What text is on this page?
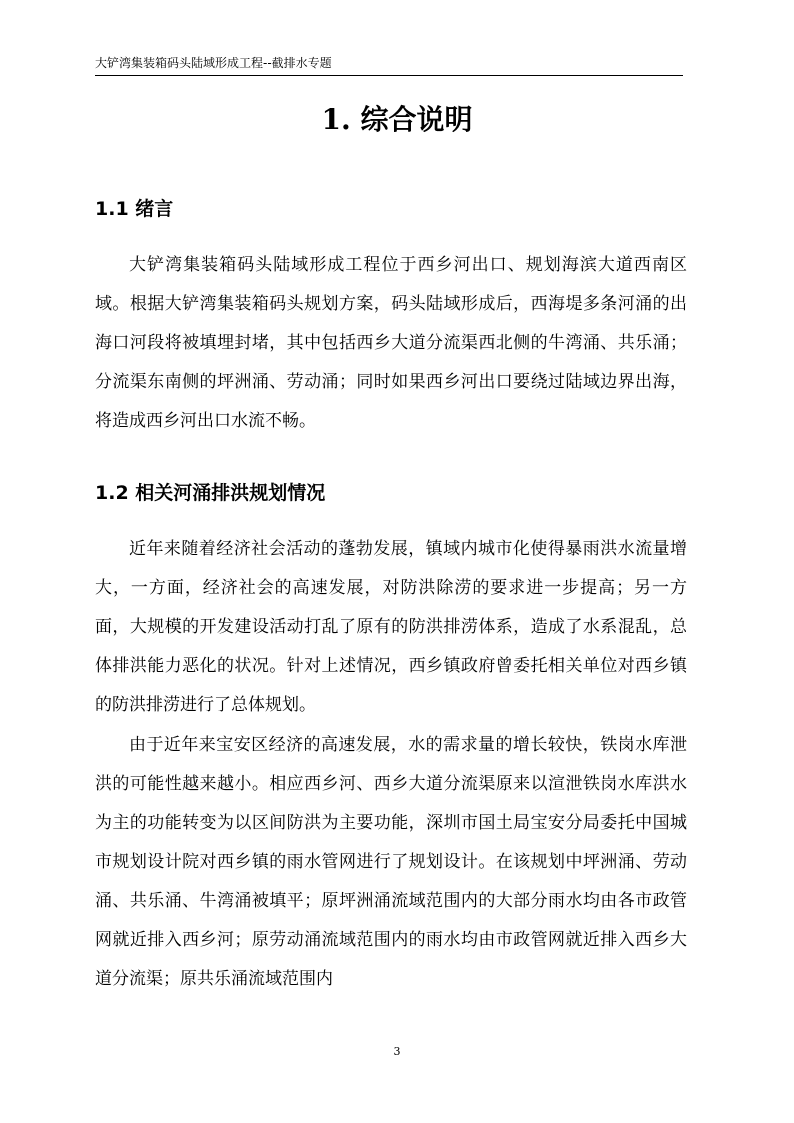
大铲湾集装箱码头陆域形成工程--截排水专题
1. 综合说明
1.1 绪言

大铲湾集装箱码头陆域形成工程位于西乡河出口、规划海滨大道西南区域。根据大铲湾集装箱码头规划方案，码头陆域形成后，西海堤多条河涌的出海口河段将被填埋封堵，其中包括西乡大道分流渠西北侧的牛湾涌、共乐涌；分流渠东南侧的坪洲涌、劳动涌；同时如果西乡河出口要绕过陆域边界出海，将造成西乡河出口水流不畅。

1.2 相关河涌排洪规划情况

近年来随着经济社会活动的蓬勃发展，镇域内城市化使得暴雨洪水流量增大，一方面，经济社会的高速发展，对防洪除涝的要求进一步提高；另一方面，大规模的开发建设活动打乱了原有的防洪排涝体系，造成了水系混乱，总体排洪能力恶化的状况。针对上述情况，西乡镇政府曾委托相关单位对西乡镇的防洪排涝进行了总体规划。

由于近年来宝安区经济的高速发展，水的需求量的增长较快，铁岗水库泄洪的可能性越来越小。相应西乡河、西乡大道分流渠原来以渲泄铁岗水库洪水为主的功能转变为以区间防洪为主要功能，深圳市国土局宝安分局委托中国城市规划设计院对西乡镇的雨水管网进行了规划设计。在该规划中坪洲涌、劳动涌、共乐涌、牛湾涌被填平；原坪洲涌流域范围内的大部分雨水均由各市政管网就近排入西乡河；原劳动涌流域范围内的雨水均由市政管网就近排入西乡大道分流渠；原共乐涌流域范围内

3
